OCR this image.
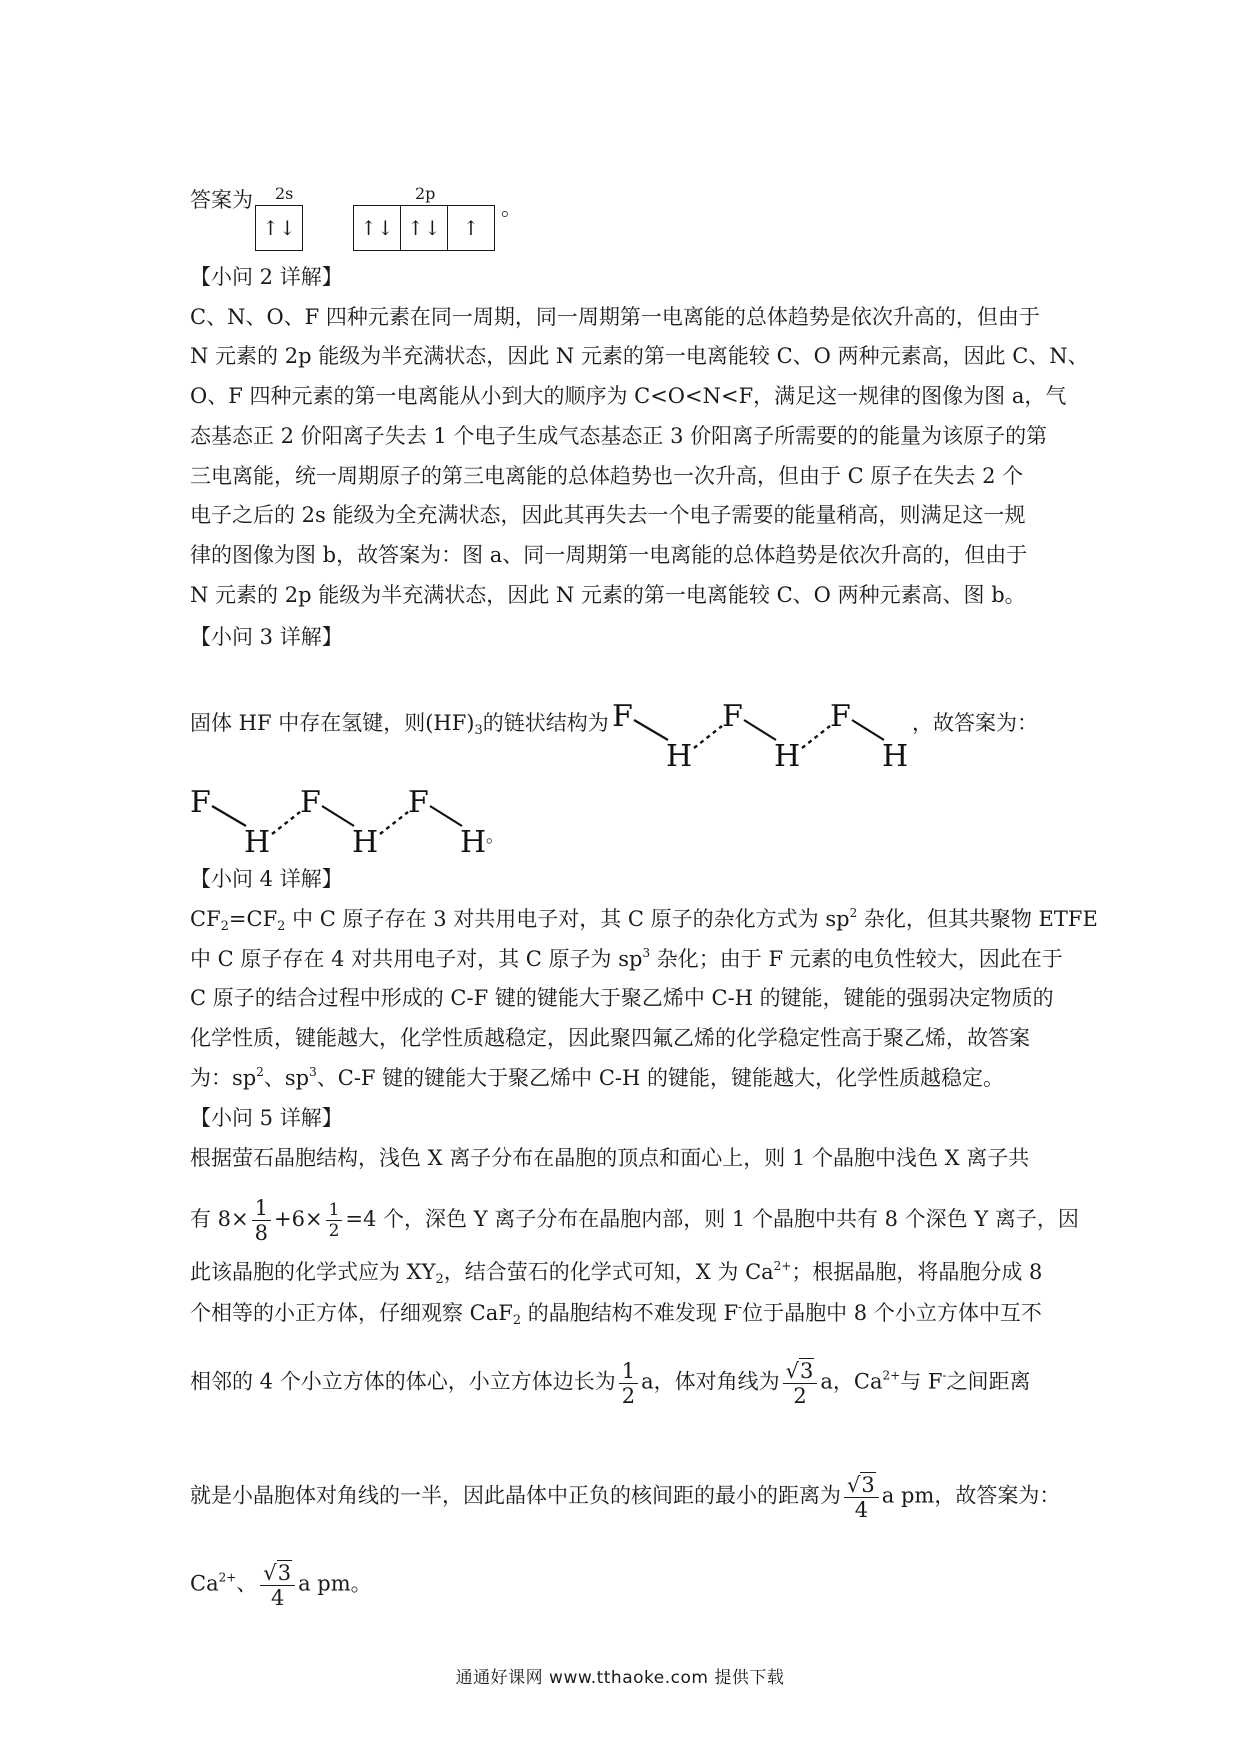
答案为 2s	2p
↑↓	↑↓ ↑↓	↑
。
【小问 2 详解】
C、N、O、F 四种元素在同一周期，同一周期第一电离能的总体趋势是依次升高的，但由于
N 元素的 2p 能级为半充满状态，因此 N 元素的第一电离能较 C、O 两种元素高，因此 C、N、
O、F 四种元素的第一电离能从小到大的顺序为 C<O<N<F，满足这一规律的图像为图 a，气
态基态正 2 价阳离子失去 1 个电子生成气态基态正 3 价阳离子所需要的的能量为该原子的第
三电离能，统一周期原子的第三电离能的总体趋势也一次升高，但由于 C 原子在失去 2 个
电子之后的 2s 能级为全充满状态，因此其再失去一个电子需要的能量稍高，则满足这一规
律的图像为图 b，故答案为：图 a、同一周期第一电离能的总体趋势是依次升高的，但由于
N 元素的 2p 能级为半充满状态，因此 N 元素的第一电离能较 C、O 两种元素高、图 b。
【小问 3 详解】
固体 HF 中存在氢键，则$(HF)_3$的链状结构为 F
H
F
H
F
H
，故答案为：
F
H
F
H
F
H 。
【小问 4 详解】
$CF_2=CF_2$ 中 C 原子存在 3 对共用电子对，其 C 原子的杂化方式为 $sp^2$ 杂化，但其共聚物 ETFE
中 C 原子存在 4 对共用电子对，其 C 原子为 $sp^3$ 杂化；由于 F 元素的电负性较大，因此在于
C 原子的结合过程中形成的 C-F 键的键能大于聚乙烯中 C-H 的键能，键能的强弱决定物质的
化学性质，键能越大，化学性质越稳定，因此聚四氟乙烯的化学稳定性高于聚乙烯，故答案
为：$sp^2$、$sp^3$、C-F 键的键能大于聚乙烯中 C-H 的键能，键能越大，化学性质越稳定。
【小问 5 详解】
根据萤石晶胞结构，浅色 X 离子分布在晶胞的顶点和面心上，则 1 个晶胞中浅色 X 离子共
有 $8\times \frac{1}{8} +6\times \frac{1}{2} =4$ 个，深色 Y 离子分布在晶胞内部，则 1 个晶胞中共有 8 个深色 Y 离子，因
此该晶胞的化学式应为 $XY_2$，结合萤石的化学式可知，X 为 $Ca^{2+}$；根据晶胞，将晶胞分成 8
个相等的小正方体，仔细观察 CaF$_2$ 的晶胞结构不难发现 F-位于晶胞中 8 个小立方体中互不
相邻的 4 个小立方体的体心，小立方体边长为 $\frac{1}{2}$ a，体对角线为 $\frac{√3}{2}$ a，$Ca^{2+}$与 F-之间距离
就是小晶胞体对角线的一半，因此晶体中正负的核间距的最小的距离为 $\frac{√3}{4}$ a pm，故答案为：
$Ca^{2+}$、 $\frac{√3}{4}$ a pm。
通通好课网 www.tthaoke.com 提供下载
